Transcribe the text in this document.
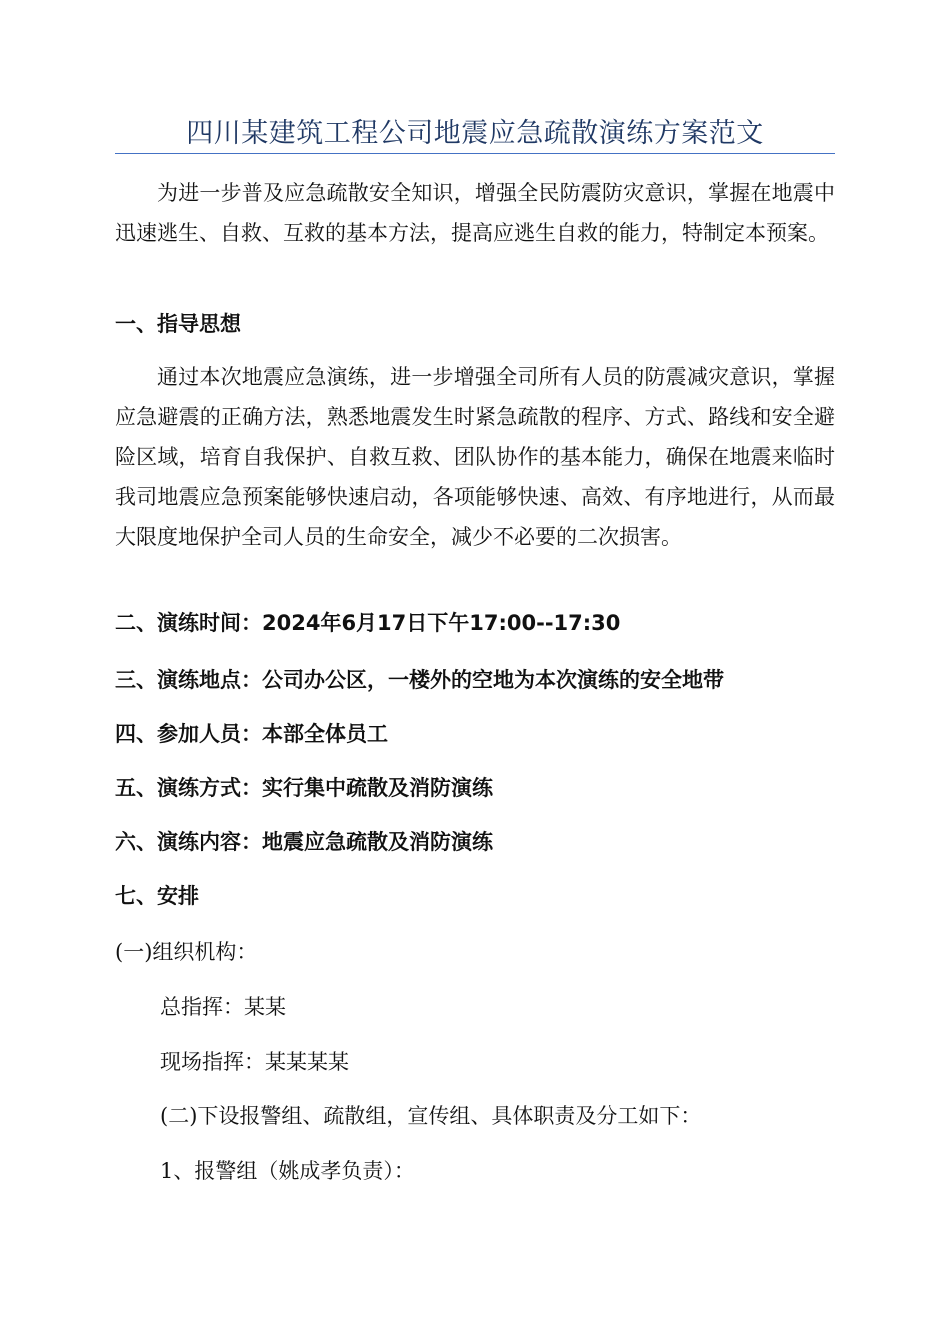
四川某建筑工程公司地震应急疏散演练方案范文
为进一步普及应急疏散安全知识，增强全民防震防灾意识，掌握在地震中迅速逃生、自救、互救的基本方法，提高应逃生自救的能力，特制定本预案。
一、指导思想
通过本次地震应急演练，进一步增强全司所有人员的防震减灾意识，掌握应急避震的正确方法，熟悉地震发生时紧急疏散的程序、方式、路线和安全避险区域，培育自我保护、自救互救、团队协作的基本能力，确保在地震来临时我司地震应急预案能够快速启动，各项能够快速、高效、有序地进行，从而最大限度地保护全司人员的生命安全，减少不必要的二次损害。
二、演练时间：2024年6月17日下午17:00--17:30
三、演练地点：公司办公区，一楼外的空地为本次演练的安全地带
四、参加人员：本部全体员工
五、演练方式：实行集中疏散及消防演练
六、演练内容：地震应急疏散及消防演练
七、安排
(一)组织机构：
总指挥：某某
现场指挥：某某某某
(二)下设报警组、疏散组，宣传组、具体职责及分工如下：
1、报警组（姚成孝负责）：
